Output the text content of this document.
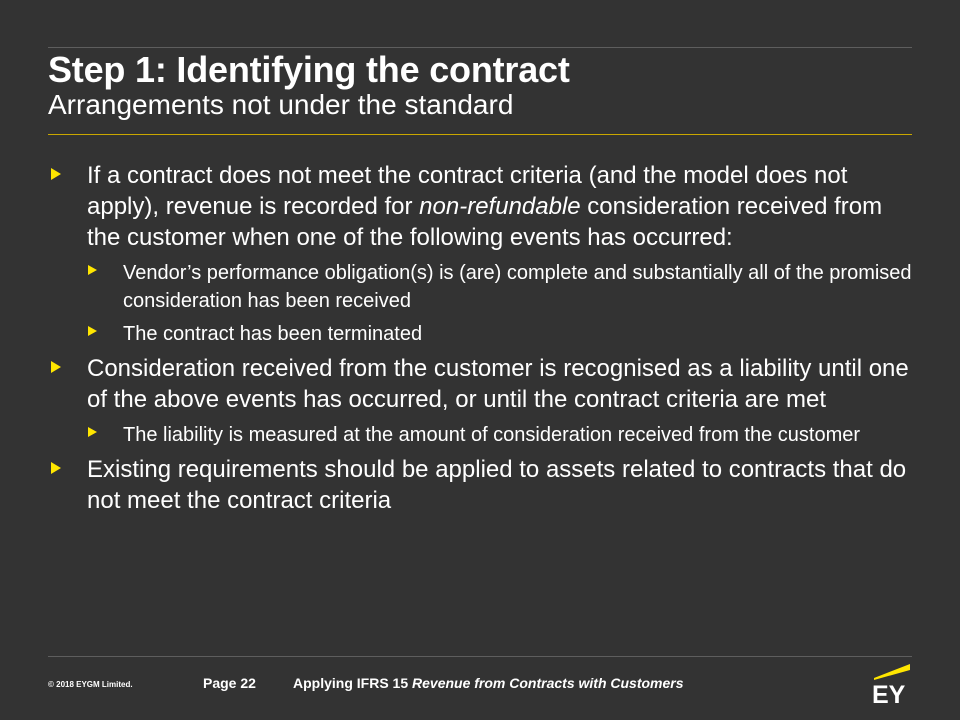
Step 1: Identifying the contract
Arrangements not under the standard
If a contract does not meet the contract criteria (and the model does not apply), revenue is recorded for non-refundable consideration received from the customer when one of the following events has occurred:
Vendor’s performance obligation(s) is (are) complete and substantially all of the promised consideration has been received
The contract has been terminated
Consideration received from the customer is recognised as a liability until one of the above events has occurred, or until the contract criteria are met
The liability is measured at the amount of consideration received from the customer
Existing requirements should be applied to assets related to contracts that do not meet the contract criteria
© 2018 EYGM Limited.	Page 22	Applying IFRS 15 Revenue from Contracts with Customers	EY
